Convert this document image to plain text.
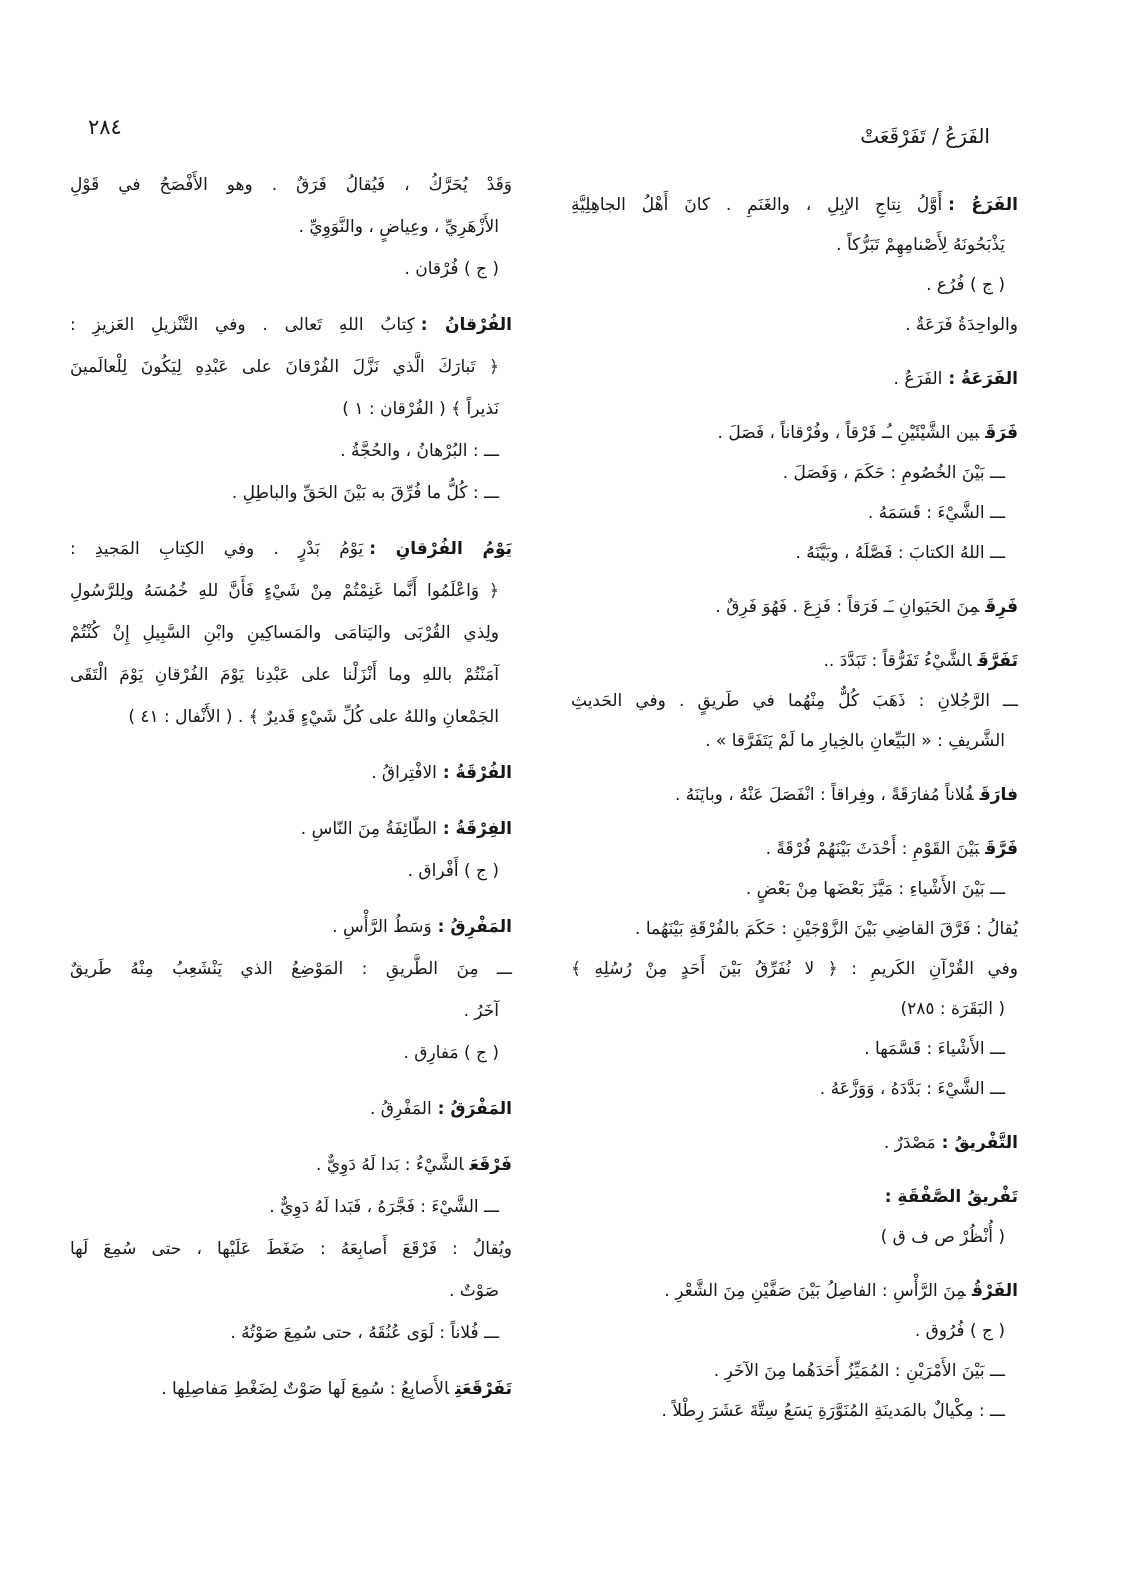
٢٨٤	الفَرَعُ / تَفَرْقَعَتْ
الفَرَعُ :أَوَّلُ نِتاجِ الإبِلِ ، والغَنَمِ . كانَ أَهْلُ الجاهِلِيَّةِ
يَذْبَحُونَهُ لِأَصْنامِهِمْ تَبَرُّكاً .
( ج ) فُرُع .
والواحِدَةُ فَرَعَةٌ .
الفَرَعَةُ :الفَرَعُ .
فَرَقَبين الشَّيْئَيْنِ ـُـ فَرْقاً ، وفُرْقاناً ، فَصَلَ .
ـــ بَيْنَ الخُصُومِ : حَكَمَ ، وَفَصَلَ .
ـــ الشَّيْءَ : قَسَمَهُ .
ـــ اللهُ الكتابَ : فَصَّلَهُ ، وبَيَّنَهُ .
فَرِقَمِنَ الحَيَوانِ ـَـ فَرَقاً : فَزِعَ . فَهُوَ فَرِقٌ .
تَفَرَّقَالشَّيْءُ تَفَرُّقاً : تَبَدَّدَ ..
ـــ الرَّجُلانِ : ذَهَبَ كُلٌّ مِنْهُما في طَريقٍ . وفي الحَديثِ
الشَّريفِ : « البَيِّعانِ بالخِيارِ ما لَمْ يَتَفَرَّقا » .
فارَقَفُلاناً مُفارَقَةً ، وفِراقاً : انْفَصَلَ عَنْهُ ، وبايَنَهُ .
فَرَّقَبَيْنَ القَوْمِ : أَحْدَثَ بَيْنَهُمْ فُرْقَةً .
ـــ بَيْنَ الأَشْياءِ : مَيَّزَ بَعْضَها مِنْ بَعْضٍ .
يُقالُ : فَرَّقَ القاضِي بَيْنَ الزَّوْجَيْنِ : حَكَمَ بالفُرْقَةِ بَيْنَهُما .
وفي القُرْآنِ الكَريمِ : ﴿ لا نُفَرِّقُ بَيْنَ أَحَدٍ مِنْ رُسُلِهِ ﴾
( البَقَرَة : ٢٨٥)
ـــ الأَشْياءَ : قَسَّمَها .
ـــ الشَّيْءَ : بَدَّدَهُ ، وَوَزَّعَهُ .
التَّفْريقُ :مَصْدَرٌ .
تَفْريقُ الصَّفْقَةِ :
( أُنْظُرْ ص ف ق )
الفَرْقُمِنَ الرَّأْسِ : الفاصِلُ بَيْنَ صَفَّيْنِ مِنَ الشَّعْرِ .
( ج ) فُرُوق .
ـــ بَيْنَ الأَمْرَيْنِ : المُمَيِّزُ أَحَدَهُما مِنَ الآخَرِ .
ـــ : مِكْيالٌ بالمَدينَةِ المُنَوَّرَةِ يَسَعُ سِتَّةَ عَشَرَ رِطْلاً .
وَقَدْ يُحَرَّكُ ، فَيُقالُ فَرَقٌ . وهو الأَفْصَحُ في قَوْلِ
الأَزْهَرِيِّ ، وعِياضٍ ، والنَّوَوِيِّ .
( ج ) فُرْقان .
الفُرْقانُ :كِتابُ اللهِ تَعالى . وفي التَّنْزيلِ العَزيزِ :
﴿ تَبارَكَ الَّذي نَزَّلَ الفُرْقانَ على عَبْدِهِ لِيَكُونَ لِلْعالَمينَ
نَذيراً ﴾ ( الفُرْقان : ١ )
ـــ : البُرْهانُ ، والحُجَّةُ .
ـــ : كُلُّ ما فُرِّقَ به بَيْنَ الحَقِّ والباطِلِ .
يَوْمُ الفُرْقانِ :يَوْمُ بَدْرٍ . وفي الكِتابِ المَجيدِ :
﴿ وَاعْلَمُوا أَنَّما غَنِمْتُمْ مِنْ شَيْءٍ فَأَنَّ للهِ خُمُسَهُ ولِلرَّسُولِ
ولِذي القُرْبَى واليَتامَى والمَساكِينِ وابْنِ السَّبِيلِ إِنْ كُنْتُمْ
آمَنْتُمْ باللهِ وما أَنْزَلْنا على عَبْدِنا يَوْمَ الفُرْقانِ يَوْمَ الْتَقَى
الجَمْعانِ واللهُ على كُلِّ شَيْءٍ قَديرٌ ﴾ . ( الأَنْفال : ٤١ )
الفُرْقَةُ :الافْتِراقُ .
الفِرْقَةُ :الطّائِفَةُ مِنَ النّاسِ .
( ج ) أَفْراق .
المَفْرِقُ :وَسَطُ الرَّأْسِ .
ـــ مِنَ الطَّريقِ : المَوْضِعُ الذي يَنْشَعِبُ مِنْهُ طَريقٌ
آخَرُ .
( ج ) مَفارِق .
المَفْرَقُ :المَفْرِقُ .
فَرْقَعَالشَّيْءُ : بَدا لَهُ دَوِيٌّ .
ـــ الشَّيْءَ : فَجَّرَهُ ، فَبَدا لَهُ دَوِيٌّ .
ويُقالُ : فَرْقَعَ أَصابِعَهُ : ضَغَطَ عَلَيْها ، حتى سُمِعَ لَها
صَوْتٌ .
ـــ فُلاناً : لَوَى عُنُقَهُ ، حتى سُمِعَ صَوْتُهُ .
تَفَرْقَعَتِالأَصابِعُ : سُمِعَ لَها صَوْتٌ لِضَغْطِ مَفاصِلِها .
